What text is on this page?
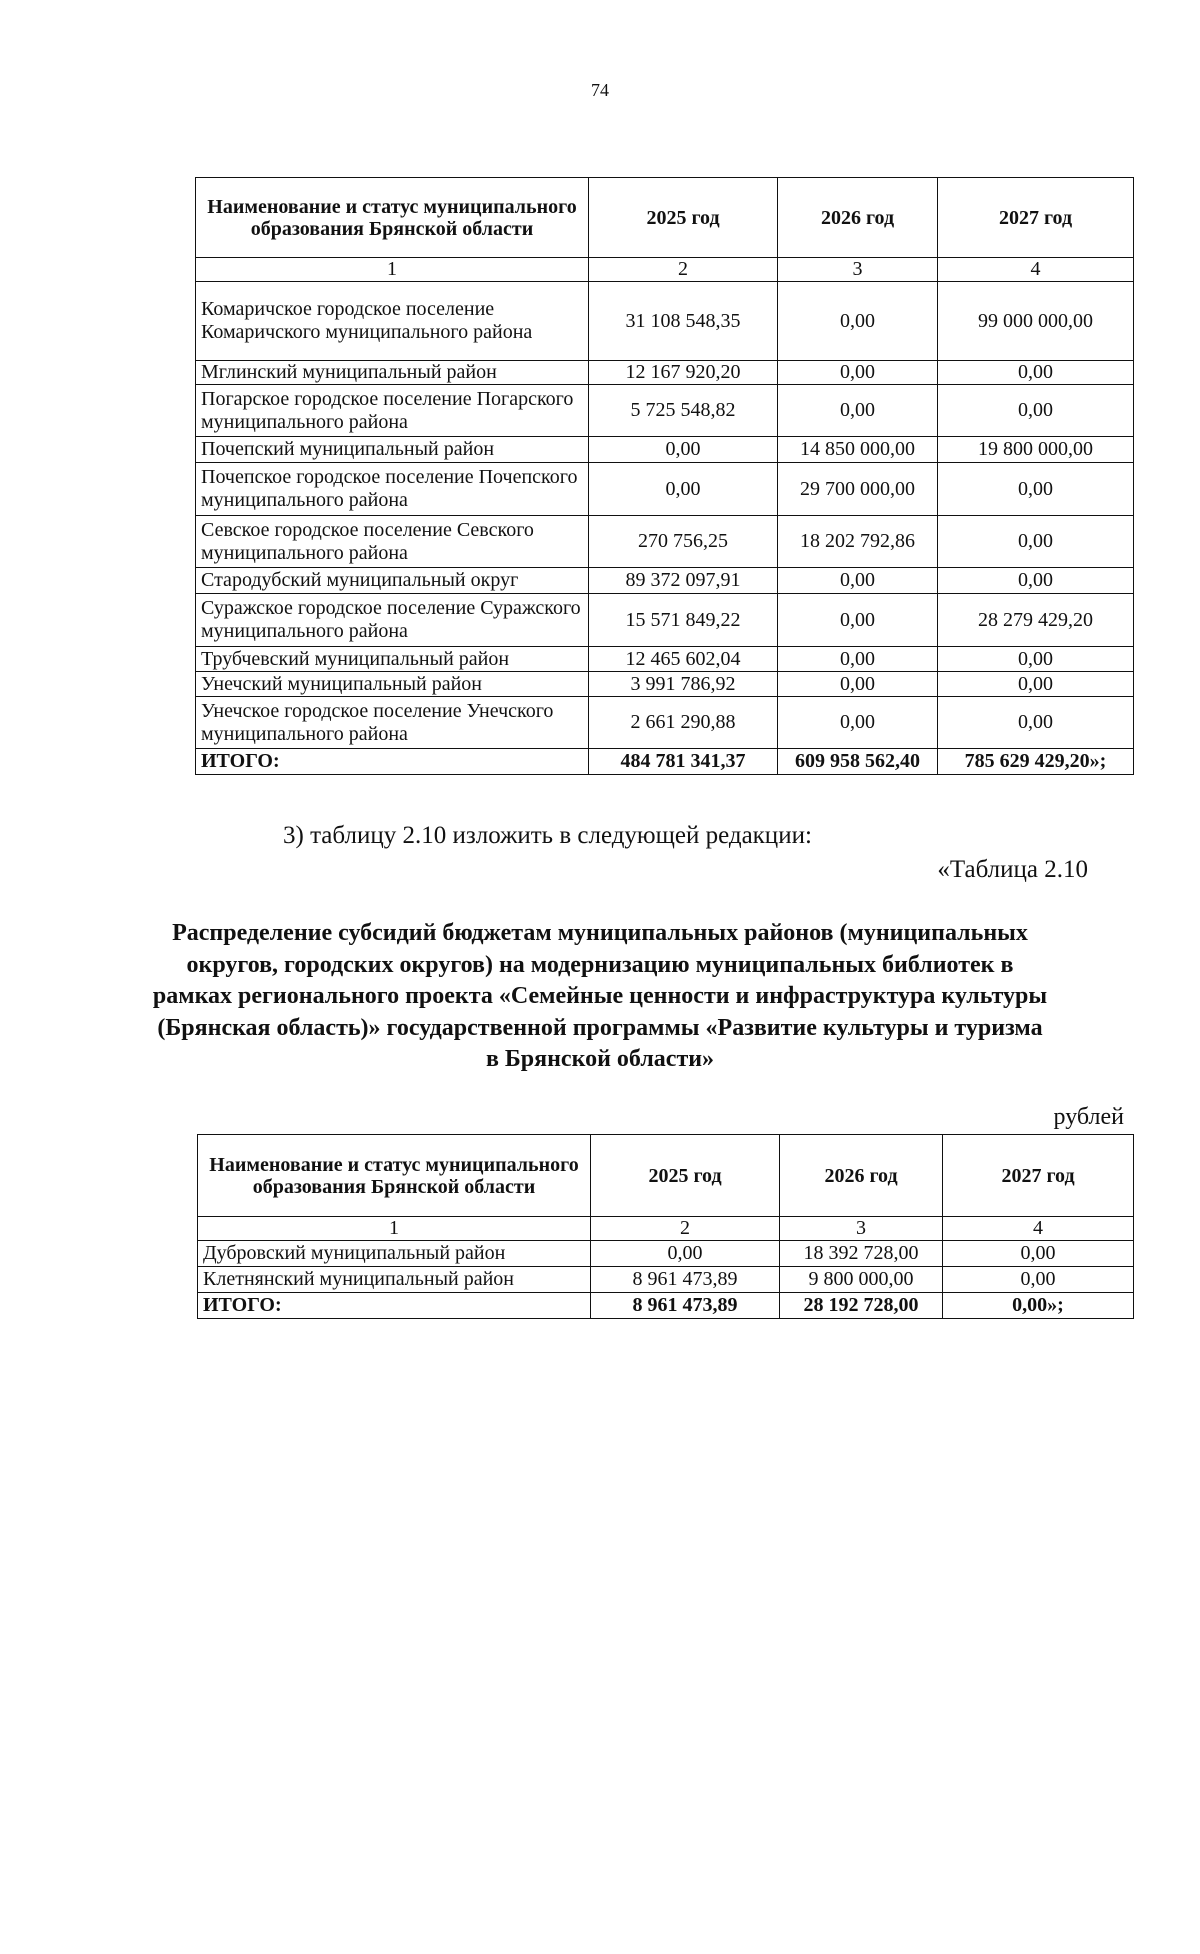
74
Наименование и статус муниципального образования Брянской области	2025 год	2026 год	2027 год
1	2	3	4
Комаричское городское поселение Комаричского муниципального района	31 108 548,35	0,00	99 000 000,00
Мглинский муниципальный район	12 167 920,20	0,00	0,00
Погарское городское поселение Погарского муниципального района	5 725 548,82	0,00	0,00
Почепский муниципальный район	0,00	14 850 000,00	19 800 000,00
Почепское городское поселение Почепского муниципального района	0,00	29 700 000,00	0,00
Севское городское поселение Севского муниципального района	270 756,25	18 202 792,86	0,00
Стародубский муниципальный округ	89 372 097,91	0,00	0,00
Суражское городское поселение Суражского муниципального района	15 571 849,22	0,00	28 279 429,20
Трубчевский муниципальный район	12 465 602,04	0,00	0,00
Унечский муниципальный район	3 991 786,92	0,00	0,00
Унечское городское поселение Унечского муниципального района	2 661 290,88	0,00	0,00
ИТОГО:	484 781 341,37	609 958 562,40	785 629 429,20»;
3) таблицу 2.10 изложить в следующей редакции:
«Таблица 2.10
Распределение субсидий бюджетам муниципальных районов (муниципальных округов, городских округов) на модернизацию муниципальных библиотек в рамках регионального проекта «Семейные ценности и инфраструктура культуры (Брянская область)» государственной программы «Развитие культуры и туризма в Брянской области»
рублей
Наименование и статус муниципального образования Брянской области	2025 год	2026 год	2027 год
1	2	3	4
Дубровский муниципальный район	0,00	18 392 728,00	0,00
Клетнянский муниципальный район	8 961 473,89	9 800 000,00	0,00
ИТОГО:	8 961 473,89	28 192 728,00	0,00»;
